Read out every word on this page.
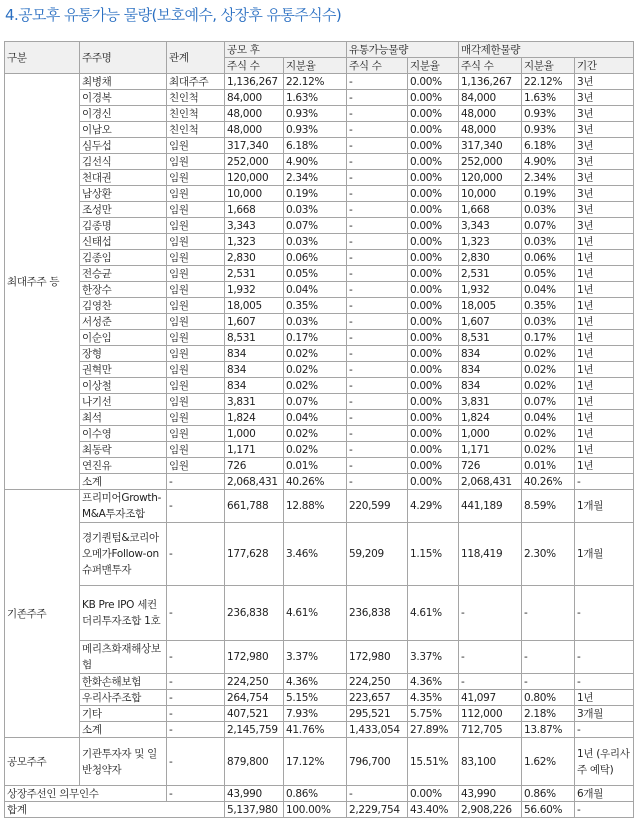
4.공모후 유통가능 물량(보호예수, 상장후 유통주식수)
구분	주주명	관계	공모 후		유통가능물량		매각제한물량		
			주식 수	지분율	주식 수	지분율	주식 수	지분율	기간
최대주주 등	최병채	최대주주	1,136,267	22.12%	-	0.00%	1,136,267	22.12%	3년
	이경복	친인척	84,000	1.63%	-	0.00%	84,000	1.63%	3년
	이경신	친인척	48,000	0.93%	-	0.00%	48,000	0.93%	3년
	이남오	친인척	48,000	0.93%	-	0.00%	48,000	0.93%	3년
	심두섭	임원	317,340	6.18%	-	0.00%	317,340	6.18%	3년
	김선식	임원	252,000	4.90%	-	0.00%	252,000	4.90%	3년
	천대권	임원	120,000	2.34%	-	0.00%	120,000	2.34%	3년
	남상환	임원	10,000	0.19%	-	0.00%	10,000	0.19%	3년
	조성만	임원	1,668	0.03%	-	0.00%	1,668	0.03%	3년
	김종명	임원	3,343	0.07%	-	0.00%	3,343	0.07%	3년
	신태섭	임원	1,323	0.03%	-	0.00%	1,323	0.03%	1년
	김종임	임원	2,830	0.06%	-	0.00%	2,830	0.06%	1년
	전승균	임원	2,531	0.05%	-	0.00%	2,531	0.05%	1년
	한장수	임원	1,932	0.04%	-	0.00%	1,932	0.04%	1년
	김영찬	임원	18,005	0.35%	-	0.00%	18,005	0.35%	1년
	서성준	임원	1,607	0.03%	-	0.00%	1,607	0.03%	1년
	이순임	임원	8,531	0.17%	-	0.00%	8,531	0.17%	1년
	장형	임원	834	0.02%	-	0.00%	834	0.02%	1년
	권혁만	임원	834	0.02%	-	0.00%	834	0.02%	1년
	이상철	임원	834	0.02%	-	0.00%	834	0.02%	1년
	나기선	임원	3,831	0.07%	-	0.00%	3,831	0.07%	1년
	최석	임원	1,824	0.04%	-	0.00%	1,824	0.04%	1년
	이수영	임원	1,000	0.02%	-	0.00%	1,000	0.02%	1년
	최동락	임원	1,171	0.02%	-	0.00%	1,171	0.02%	1년
	연진유	임원	726	0.01%	-	0.00%	726	0.01%	1년
	소계	-	2,068,431	40.26%	-	0.00%	2,068,431	40.26%	-
기존주주	프리미어Growth-M&A투자조합	-	661,788	12.88%	220,599	4.29%	441,189	8.59%	1개월
	경기퀀텀&코리아오메가Follow-on 슈퍼맨투자	-	177,628	3.46%	59,209	1.15%	118,419	2.30%	1개월
	KB Pre IPO 세컨더리투자조합 1호	-	236,838	4.61%	236,838	4.61%	-	-	-
	메리츠화재해상보험	-	172,980	3.37%	172,980	3.37%	-	-	-
	한화손해보험	-	224,250	4.36%	224,250	4.36%	-	-	-
	우리사주조합	-	264,754	5.15%	223,657	4.35%	41,097	0.80%	1년
	기타	-	407,521	7.93%	295,521	5.75%	112,000	2.18%	3개월
	소계	-	2,145,759	41.76%	1,433,054	27.89%	712,705	13.87%	-
공모주주	기관투자자 및 일반청약자	-	879,800	17.12%	796,700	15.51%	83,100	1.62%	1년 (우리사주 예탁)
상장주선인 의무인수		-	43,990	0.86%	-	0.00%	43,990	0.86%	6개월
합계			5,137,980	100.00%	2,229,754	43.40%	2,908,226	56.60%	-
